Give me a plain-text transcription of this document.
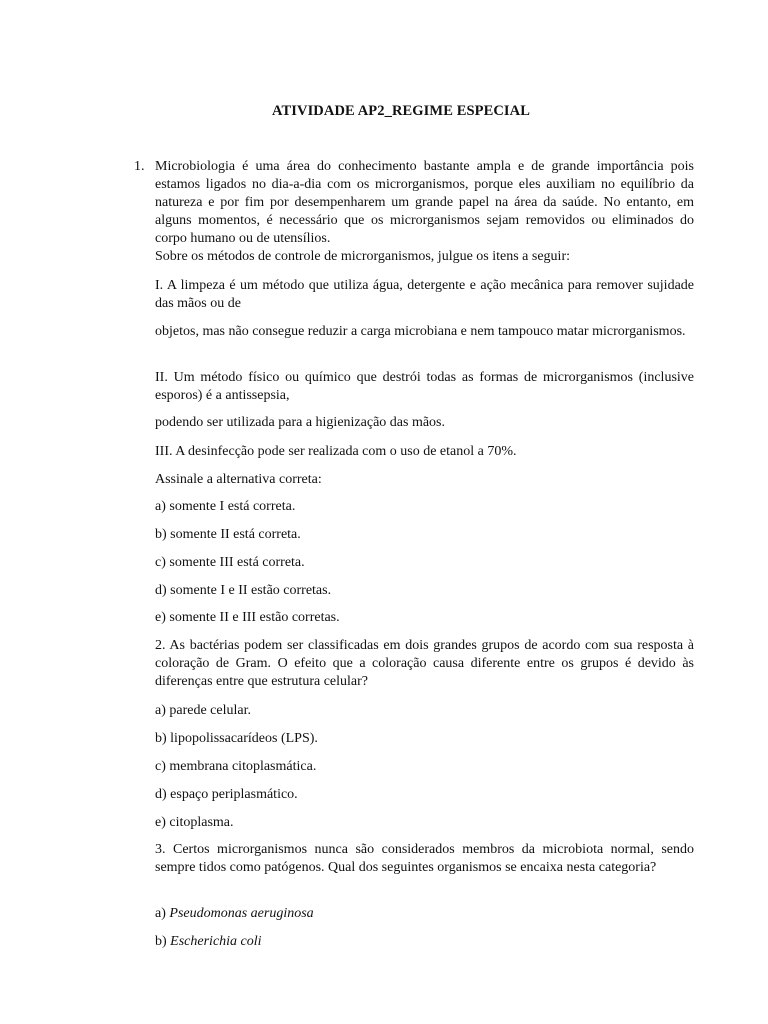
ATIVIDADE AP2_REGIME ESPECIAL
1. Microbiologia é uma área do conhecimento bastante ampla e de grande importância pois estamos ligados no dia-a-dia com os microrganismos, porque eles auxiliam no equilíbrio da natureza e por fim por desempenharem um grande papel na área da saúde. No entanto, em alguns momentos, é necessário que os microrganismos sejam removidos ou eliminados do corpo humano ou de utensílios.
Sobre os métodos de controle de microrganismos, julgue os itens a seguir:
I. A limpeza é um método que utiliza água, detergente e ação mecânica para remover sujidade das mãos ou de
objetos, mas não consegue reduzir a carga microbiana e nem tampouco matar microrganismos.
II. Um método físico ou químico que destrói todas as formas de microrganismos (inclusive esporos) é a antissepsia,
podendo ser utilizada para a higienização das mãos.
III. A desinfecção pode ser realizada com o uso de etanol a 70%.
Assinale a alternativa correta:
a) somente I está correta.
b) somente II está correta.
c) somente III está correta.
d) somente I e II estão corretas.
e) somente II e III estão corretas.
2. As bactérias podem ser classificadas em dois grandes grupos de acordo com sua resposta à coloração de Gram. O efeito que a coloração causa diferente entre os grupos é devido às diferenças entre que estrutura celular?
a) parede celular.
b) lipopolissacarídeos (LPS).
c) membrana citoplasmática.
d) espaço periplasmático.
e) citoplasma.
3. Certos microrganismos nunca são considerados membros da microbiota normal, sendo sempre tidos como patógenos. Qual dos seguintes organismos se encaixa nesta categoria?
a) Pseudomonas aeruginosa
b) Escherichia coli
